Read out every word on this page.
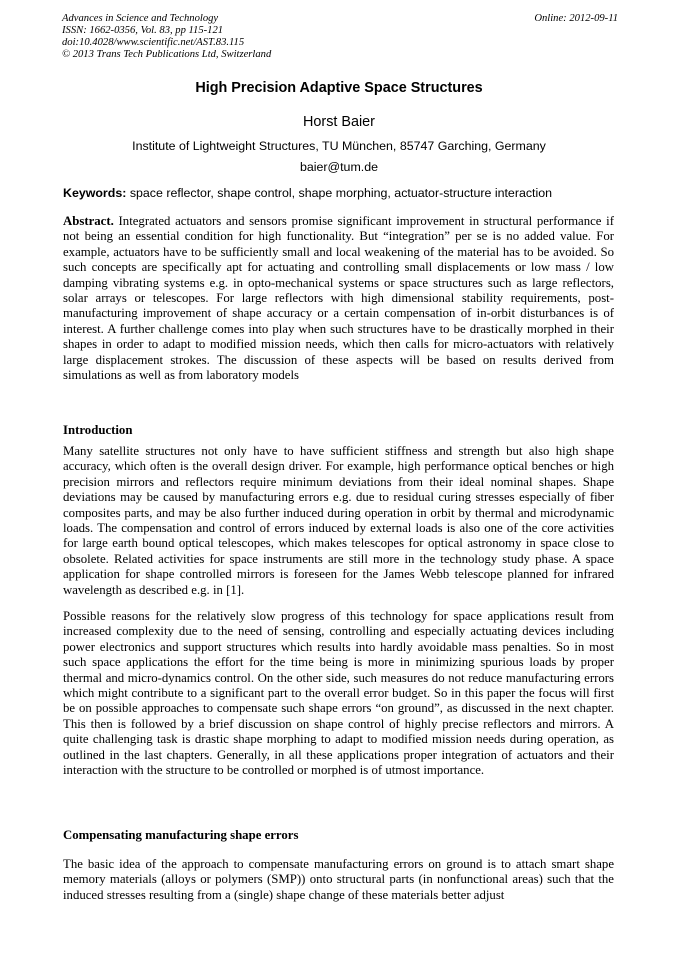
Advances in Science and Technology
ISSN: 1662-0356, Vol. 83, pp 115-121
doi:10.4028/www.scientific.net/AST.83.115
© 2013 Trans Tech Publications Ltd, Switzerland
Online: 2012-09-11
High Precision Adaptive Space Structures
Horst Baier
Institute of Lightweight Structures, TU München, 85747 Garching, Germany
baier@tum.de
Keywords: space reflector, shape control, shape morphing, actuator-structure interaction
Abstract. Integrated actuators and sensors promise significant improvement in structural performance if not being an essential condition for high functionality. But “integration” per se is no added value. For example, actuators have to be sufficiently small and local weakening of the material has to be avoided. So such concepts are specifically apt for actuating and controlling small displacements or low mass / low damping vibrating systems e.g. in opto-mechanical systems or space structures such as large reflectors, solar arrays or telescopes. For large reflectors with high dimensional stability requirements, post-manufacturing improvement of shape accuracy or a certain compensation of in-orbit disturbances is of interest. A further challenge comes into play when such structures have to be drastically morphed in their shapes in order to adapt to modified mission needs, which then calls for micro-actuators with relatively large displacement strokes. The discussion of these aspects will be based on results derived from simulations as well as from laboratory models
Introduction
Many satellite structures not only have to have sufficient stiffness and strength but also high shape accuracy, which often is the overall design driver. For example, high performance optical benches or high precision mirrors and reflectors require minimum deviations from their ideal nominal shapes. Shape deviations may be caused by manufacturing errors e.g. due to residual curing stresses especially of fiber composites parts, and may be also further induced during operation in orbit by thermal and microdynamic loads. The compensation and control of errors induced by external loads is also one of the core activities for large earth bound optical telescopes, which makes telescopes for optical astronomy in space close to obsolete. Related activities for space instruments are still more in the technology study phase. A space application for shape controlled mirrors is foreseen for the James Webb telescope planned for infrared wavelength as described e.g. in [1].
Possible reasons for the relatively slow progress of this technology for space applications result from increased complexity due to the need of sensing, controlling and especially actuating devices including power electronics and support structures which results into hardly avoidable mass penalties. So in most such space applications the effort for the time being is more in minimizing spurious loads by proper thermal and micro-dynamics control. On the other side, such measures do not reduce manufacturing errors which might contribute to a significant part to the overall error budget. So in this paper the focus will first be on possible approaches to compensate such shape errors “on ground”, as discussed in the next chapter. This then is followed by a brief discussion on shape control of highly precise reflectors and mirrors. A quite challenging task is drastic shape morphing to adapt to modified mission needs during operation, as outlined in the last chapters. Generally, in all these applications proper integration of actuators and their interaction with the structure to be controlled or morphed is of utmost importance.
Compensating manufacturing shape errors
The basic idea of the approach to compensate manufacturing errors on ground is to attach smart shape memory materials (alloys or polymers (SMP)) onto structural parts (in nonfunctional areas) such that the induced stresses resulting from a (single) shape change of these materials better adjust
